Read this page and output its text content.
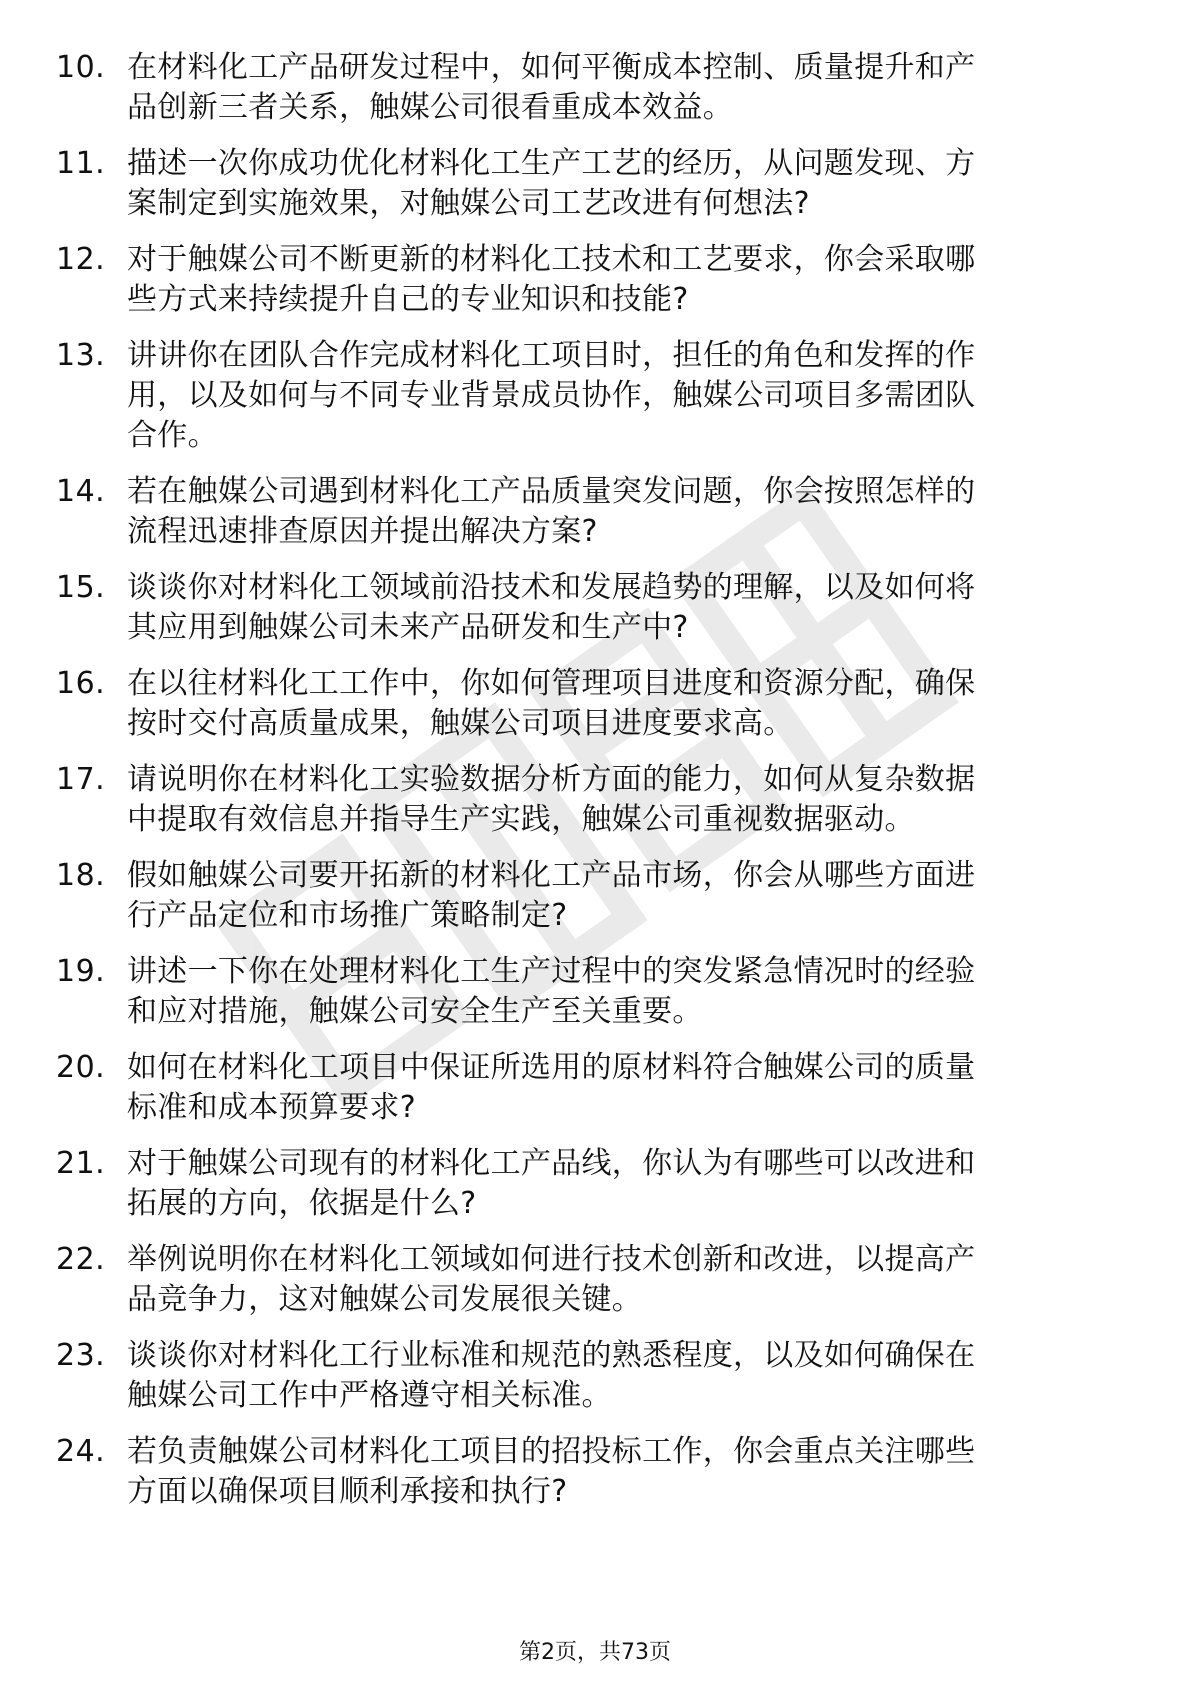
10. 在材料化工产品研发过程中，如何平衡成本控制、质量提升和产
品创新三者关系，触媒公司很看重成本效益。
11. 描述一次你成功优化材料化工生产工艺的经历，从问题发现、方
案制定到实施效果，对触媒公司工艺改进有何想法?
12. 对于触媒公司不断更新的材料化工技术和工艺要求，你会采取哪
些方式来持续提升自己的专业知识和技能?
13. 讲讲你在团队合作完成材料化工项目时，担任的角色和发挥的作
用，以及如何与不同专业背景成员协作，触媒公司项目多需团队
合作。
14. 若在触媒公司遇到材料化工产品质量突发问题，你会按照怎样的
流程迅速排查原因并提出解决方案?
15. 谈谈你对材料化工领域前沿技术和发展趋势的理解，以及如何将
其应用到触媒公司未来产品研发和生产中?
16. 在以往材料化工工作中，你如何管理项目进度和资源分配，确保
按时交付高质量成果，触媒公司项目进度要求高。
17. 请说明你在材料化工实验数据分析方面的能力，如何从复杂数据
中提取有效信息并指导生产实践，触媒公司重视数据驱动。
18. 假如触媒公司要开拓新的材料化工产品市场，你会从哪些方面进
行产品定位和市场推广策略制定?
19. 讲述一下你在处理材料化工生产过程中的突发紧急情况时的经验
和应对措施，触媒公司安全生产至关重要。
20. 如何在材料化工项目中保证所选用的原材料符合触媒公司的质量
标准和成本预算要求?
21. 对于触媒公司现有的材料化工产品线，你认为有哪些可以改进和
拓展的方向，依据是什么?
22. 举例说明你在材料化工领域如何进行技术创新和改进，以提高产
品竞争力，这对触媒公司发展很关键。
23. 谈谈你对材料化工行业标准和规范的熟悉程度，以及如何确保在
触媒公司工作中严格遵守相关标准。
24. 若负责触媒公司材料化工项目的招投标工作，你会重点关注哪些
方面以确保项目顺利承接和执行?
第2页，共73页
